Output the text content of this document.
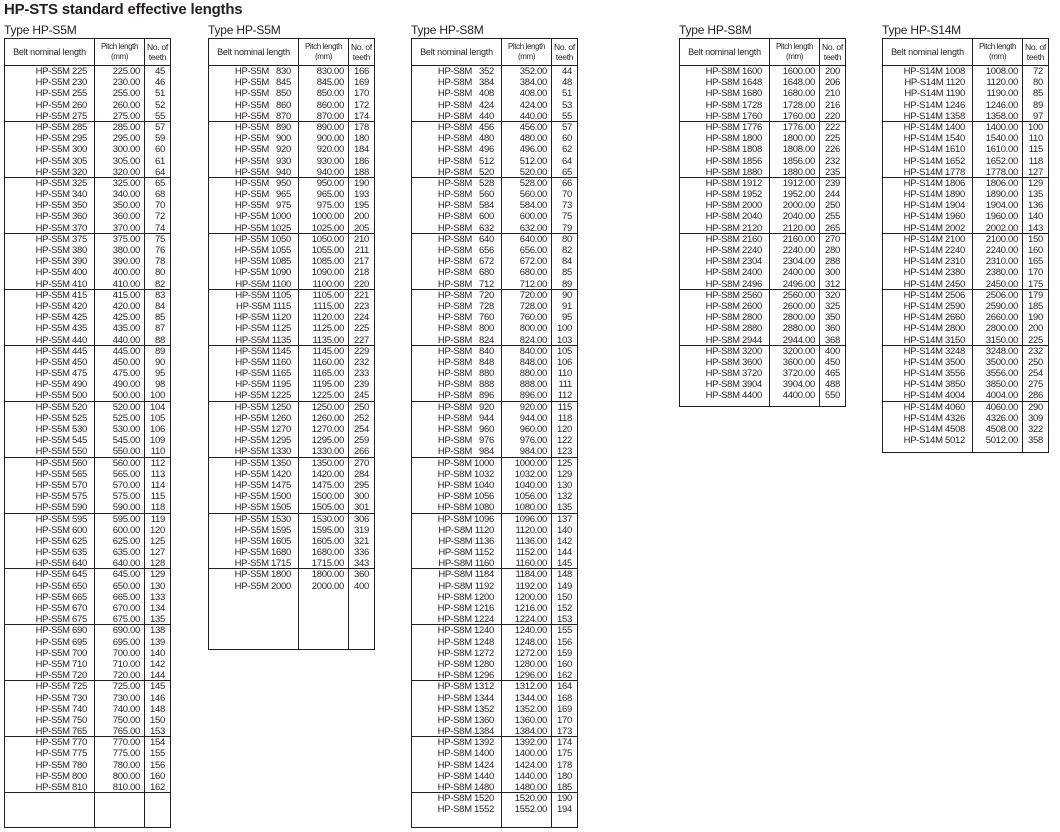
HP-STS standard effective lengths
Type HP-S5M
Belt nominal length
Pitch length
(mm)
No. of
teeth
HP-S5M 225	225.00	45
HP-S5M 230	230.00	46
HP-S5M 255	255.00	51
HP-S5M 260	260.00	52
HP-S5M 275	275.00	55
HP-S5M 285	285.00	57
HP-S5M 295	295.00	59
HP-S5M 300	300.00	60
HP-S5M 305	305.00	61
HP-S5M 320	320.00	64
HP-S5M 325	325.00	65
HP-S5M 340	340.00	68
HP-S5M 350	350.00	70
HP-S5M 360	360.00	72
HP-S5M 370	370.00	74
HP-S5M 375	375.00	75
HP-S5M 380	380.00	76
HP-S5M 390	390.00	78
HP-S5M 400	400.00	80
HP-S5M 410	410.00	82
HP-S5M 415	415.00	83
HP-S5M 420	420.00	84
HP-S5M 425	425.00	85
HP-S5M 435	435.00	87
HP-S5M 440	440.00	88
HP-S5M 445	445.00	89
HP-S5M 450	450.00	90
HP-S5M 475	475.00	95
HP-S5M 490	490.00	98
HP-S5M 500	500.00	100
HP-S5M 520	520.00	104
HP-S5M 525	525.00	105
HP-S5M 530	530.00	106
HP-S5M 545	545.00	109
HP-S5M 550	550.00	110
HP-S5M 560	560.00	112
HP-S5M 565	565.00	113
HP-S5M 570	570.00	114
HP-S5M 575	575.00	115
HP-S5M 590	590.00	118
HP-S5M 595	595.00	119
HP-S5M 600	600.00	120
HP-S5M 625	625.00	125
HP-S5M 635	635.00	127
HP-S5M 640	640.00	128
HP-S5M 645	645.00	129
HP-S5M 650	650.00	130
HP-S5M 665	665.00	133
HP-S5M 670	670.00	134
HP-S5M 675	675.00	135
HP-S5M 690	690.00	138
HP-S5M 695	695.00	139
HP-S5M 700	700.00	140
HP-S5M 710	710.00	142
HP-S5M 720	720.00	144
HP-S5M 725	725.00	145
HP-S5M 730	730.00	146
HP-S5M 740	740.00	148
HP-S5M 750	750.00	150
HP-S5M 765	765.00	153
HP-S5M 770	770.00	154
HP-S5M 775	775.00	155
HP-S5M 780	780.00	156
HP-S5M 800	800.00	160
HP-S5M 810	810.00	162
Type HP-S5M
Belt nominal length
Pitch length
(mm)
No. of
teeth
HP-S5M   830	830.00	166
HP-S5M   845	845.00	169
HP-S5M   850	850.00	170
HP-S5M   860	860.00	172
HP-S5M   870	870.00	174
HP-S5M   890	890.00	178
HP-S5M   900	900.00	180
HP-S5M   920	920.00	184
HP-S5M   930	930.00	186
HP-S5M   940	940.00	188
HP-S5M   950	950.00	190
HP-S5M   965	965.00	193
HP-S5M   975	975.00	195
HP-S5M 1000	1000.00	200
HP-S5M 1025	1025.00	205
HP-S5M 1050	1050.00	210
HP-S5M 1055	1055.00	211
HP-S5M 1085	1085.00	217
HP-S5M 1090	1090.00	218
HP-S5M 1100	1100.00	220
HP-S5M 1105	1105.00	221
HP-S5M 1115	1115.00	223
HP-S5M 1120	1120.00	224
HP-S5M 1125	1125.00	225
HP-S5M 1135	1135.00	227
HP-S5M 1145	1145.00	229
HP-S5M 1160	1160.00	232
HP-S5M 1165	1165.00	233
HP-S5M 1195	1195.00	239
HP-S5M 1225	1225.00	245
HP-S5M 1250	1250.00	250
HP-S5M 1260	1260.00	252
HP-S5M 1270	1270.00	254
HP-S5M 1295	1295.00	259
HP-S5M 1330	1330.00	266
HP-S5M 1350	1350.00	270
HP-S5M 1420	1420.00	284
HP-S5M 1475	1475.00	295
HP-S5M 1500	1500.00	300
HP-S5M 1505	1505.00	301
HP-S5M 1530	1530.00	306
HP-S5M 1595	1595.00	319
HP-S5M 1605	1605.00	321
HP-S5M 1680	1680.00	336
HP-S5M 1715	1715.00	343
HP-S5M 1800	1800.00	360
HP-S5M 2000	2000.00	400
Type HP-S8M
Belt nominal length
Pitch length
(mm)
No. of
teeth
HP-S8M   352	352.00	44
HP-S8M   384	384.00	48
HP-S8M   408	408.00	51
HP-S8M   424	424.00	53
HP-S8M   440	440.00	55
HP-S8M   456	456.00	57
HP-S8M   480	480.00	60
HP-S8M   496	496.00	62
HP-S8M   512	512.00	64
HP-S8M   520	520.00	65
HP-S8M   528	528.00	66
HP-S8M   560	560.00	70
HP-S8M   584	584.00	73
HP-S8M   600	600.00	75
HP-S8M   632	632.00	79
HP-S8M   640	640.00	80
HP-S8M   656	656.00	82
HP-S8M   672	672.00	84
HP-S8M   680	680.00	85
HP-S8M   712	712.00	89
HP-S8M   720	720.00	90
HP-S8M   728	728.00	91
HP-S8M   760	760.00	95
HP-S8M   800	800.00	100
HP-S8M   824	824.00	103
HP-S8M   840	840.00	105
HP-S8M   848	848.00	106
HP-S8M   880	880.00	110
HP-S8M   888	888.00	111
HP-S8M   896	896.00	112
HP-S8M   920	920.00	115
HP-S8M   944	944.00	118
HP-S8M   960	960.00	120
HP-S8M   976	976.00	122
HP-S8M   984	984.00	123
HP-S8M 1000	1000.00	125
HP-S8M 1032	1032.00	129
HP-S8M 1040	1040.00	130
HP-S8M 1056	1056.00	132
HP-S8M 1080	1080.00	135
HP-S8M 1096	1096.00	137
HP-S8M 1120	1120.00	140
HP-S8M 1136	1136.00	142
HP-S8M 1152	1152.00	144
HP-S8M 1160	1160.00	145
HP-S8M 1184	1184.00	148
HP-S8M 1192	1192.00	149
HP-S8M 1200	1200.00	150
HP-S8M 1216	1216.00	152
HP-S8M 1224	1224.00	153
HP-S8M 1240	1240.00	155
HP-S8M 1248	1248.00	156
HP-S8M 1272	1272.00	159
HP-S8M 1280	1280.00	160
HP-S8M 1296	1296.00	162
HP-S8M 1312	1312.00	164
HP-S8M 1344	1344.00	168
HP-S8M 1352	1352.00	169
HP-S8M 1360	1360.00	170
HP-S8M 1384	1384.00	173
HP-S8M 1392	1392.00	174
HP-S8M 1400	1400.00	175
HP-S8M 1424	1424.00	178
HP-S8M 1440	1440.00	180
HP-S8M 1480	1480.00	185
HP-S8M 1520	1520.00	190
HP-S8M 1552	1552.00	194
Type HP-S8M
Belt nominal length
Pitch length
(mm)
No. of
teeth
HP-S8M 1600	1600.00	200
HP-S8M 1648	1648.00	206
HP-S8M 1680	1680.00	210
HP-S8M 1728	1728.00	216
HP-S8M 1760	1760.00	220
HP-S8M 1776	1776.00	222
HP-S8M 1800	1800.00	225
HP-S8M 1808	1808.00	226
HP-S8M 1856	1856.00	232
HP-S8M 1880	1880.00	235
HP-S8M 1912	1912.00	239
HP-S8M 1952	1952.00	244
HP-S8M 2000	2000.00	250
HP-S8M 2040	2040.00	255
HP-S8M 2120	2120.00	265
HP-S8M 2160	2160.00	270
HP-S8M 2240	2240.00	280
HP-S8M 2304	2304.00	288
HP-S8M 2400	2400.00	300
HP-S8M 2496	2496.00	312
HP-S8M 2560	2560.00	320
HP-S8M 2600	2600.00	325
HP-S8M 2800	2800.00	350
HP-S8M 2880	2880.00	360
HP-S8M 2944	2944.00	368
HP-S8M 3200	3200.00	400
HP-S8M 3600	3600.00	450
HP-S8M 3720	3720.00	465
HP-S8M 3904	3904.00	488
HP-S8M 4400	4400.00	550
Type HP-S14M
Belt nominal length
Pitch length
(mm)
No. of
teeth
HP-S14M 1008	1008.00	72
HP-S14M 1120	1120.00	80
HP-S14M 1190	1190.00	85
HP-S14M 1246	1246.00	89
HP-S14M 1358	1358.00	97
HP-S14M 1400	1400.00	100
HP-S14M 1540	1540.00	110
HP-S14M 1610	1610.00	115
HP-S14M 1652	1652.00	118
HP-S14M 1778	1778.00	127
HP-S14M 1806	1806.00	129
HP-S14M 1890	1890.00	135
HP-S14M 1904	1904.00	136
HP-S14M 1960	1960.00	140
HP-S14M 2002	2002.00	143
HP-S14M 2100	2100.00	150
HP-S14M 2240	2240.00	160
HP-S14M 2310	2310.00	165
HP-S14M 2380	2380.00	170
HP-S14M 2450	2450.00	175
HP-S14M 2506	2506.00	179
HP-S14M 2590	2590.00	185
HP-S14M 2660	2660.00	190
HP-S14M 2800	2800.00	200
HP-S14M 3150	3150.00	225
HP-S14M 3248	3248.00	232
HP-S14M 3500	3500.00	250
HP-S14M 3556	3556.00	254
HP-S14M 3850	3850.00	275
HP-S14M 4004	4004.00	286
HP-S14M 4060	4060.00	290
HP-S14M 4326	4326.00	309
HP-S14M 4508	4508.00	322
HP-S14M 5012	5012.00	358
